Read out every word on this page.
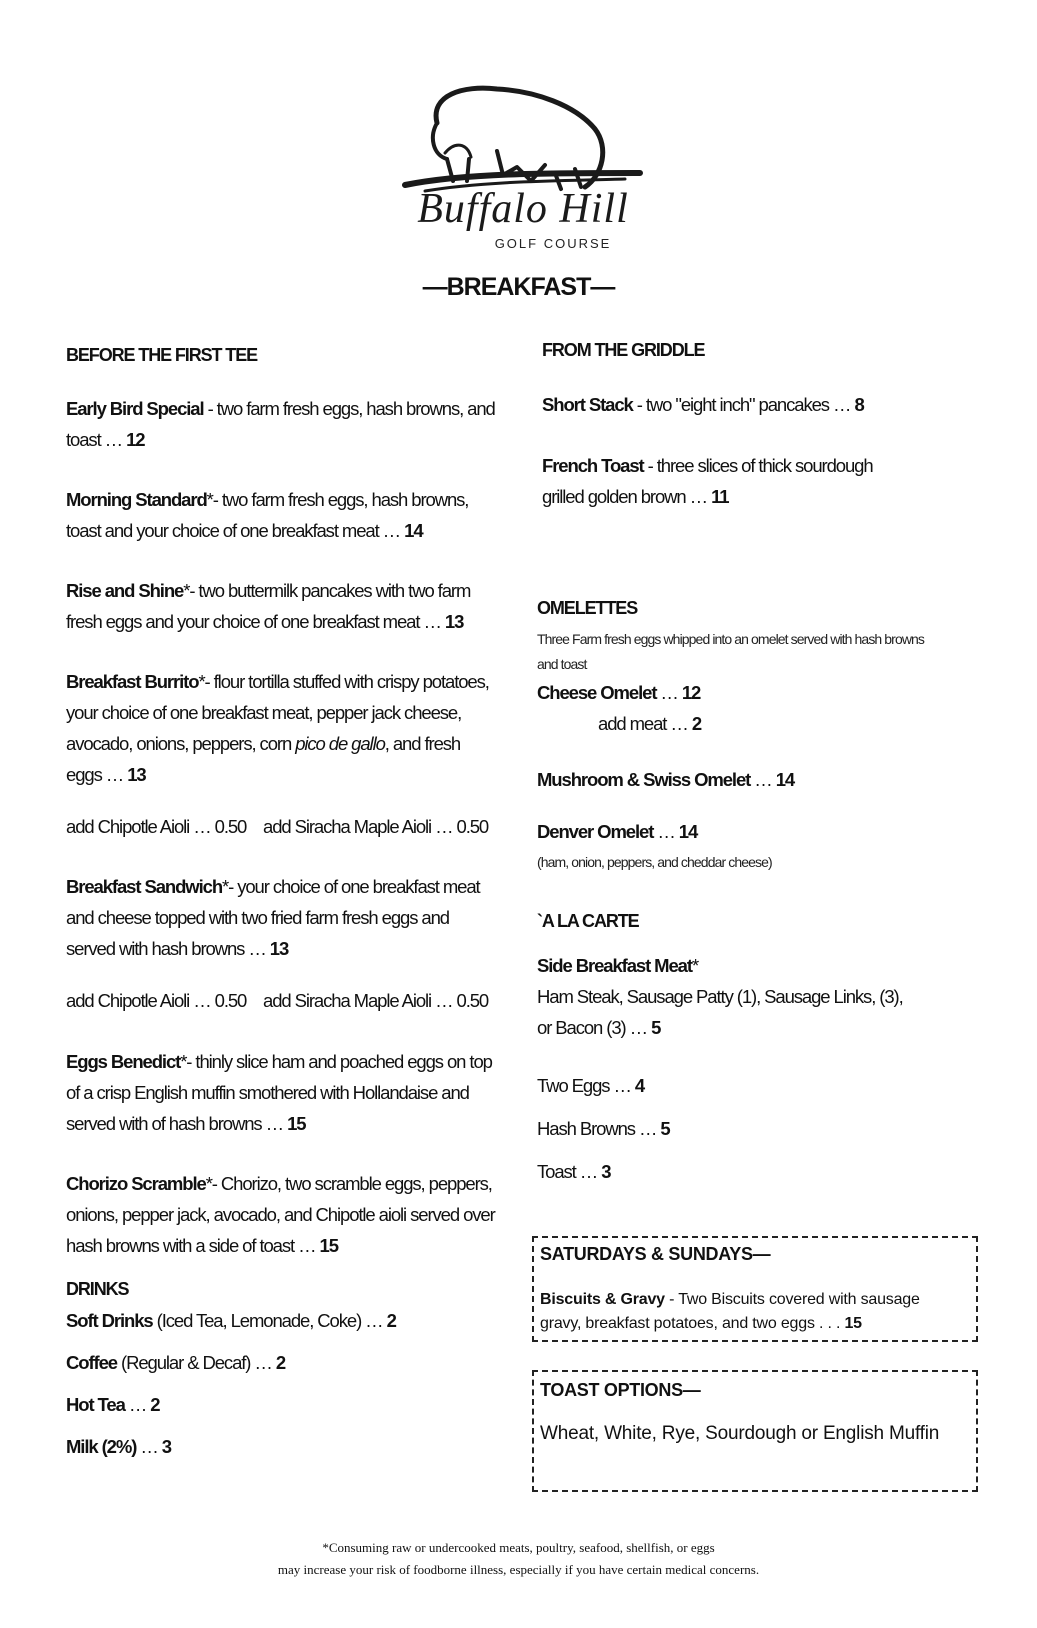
Buffalo Hill
GOLF COURSE
—BREAKFAST—
BEFORE THE FIRST TEE
Early Bird Special - two farm fresh eggs, hash browns, and
toast … 12
Morning Standard*- two farm fresh eggs, hash browns,
toast and your choice of one breakfast meat … 14
Rise and Shine*- two buttermilk pancakes with two farm
fresh eggs and your choice of one breakfast meat … 13
Breakfast Burrito*- flour tortilla stuffed with crispy potatoes,
your choice of one breakfast meat, pepper jack cheese,
avocado, onions, peppers, corn pico de gallo, and fresh
eggs … 13
add Chipotle Aioli … 0.50 add Siracha Maple Aioli … 0.50
Breakfast Sandwich*- your choice of one breakfast meat
and cheese topped with two fried farm fresh eggs and
served with hash browns … 13
add Chipotle Aioli … 0.50 add Siracha Maple Aioli … 0.50
Eggs Benedict*- thinly slice ham and poached eggs on top
of a crisp English muffin smothered with Hollandaise and
served with of hash browns … 15
Chorizo Scramble*- Chorizo, two scramble eggs, peppers,
onions, pepper jack, avocado, and Chipotle aioli served over
hash browns with a side of toast … 15
DRINKS
Soft Drinks (Iced Tea, Lemonade, Coke) … 2
Coffee (Regular & Decaf) … 2
Hot Tea … 2
Milk (2%) … 3
FROM THE GRIDDLE
Short Stack - two "eight inch" pancakes … 8
French Toast - three slices of thick sourdough
grilled golden brown … 11
OMELETTES
Three Farm fresh eggs whipped into an omelet served with hash browns
and toast
Cheese Omelet … 12
add meat … 2
Mushroom & Swiss Omelet … 14
Denver Omelet … 14
(ham, onion, peppers, and cheddar cheese)
`A LA CARTE
Side Breakfast Meat*
Ham Steak, Sausage Patty (1), Sausage Links, (3),
or Bacon (3) … 5
Two Eggs … 4
Hash Browns … 5
Toast … 3
SATURDAYS & SUNDAYS—
Biscuits & Gravy - Two Biscuits covered with sausage
gravy, breakfast potatoes, and two eggs . . . 15
TOAST OPTIONS—
Wheat, White, Rye, Sourdough or English Muffin
*Consuming raw or undercooked meats, poultry, seafood, shellfish, or eggs
may increase your risk of foodborne illness, especially if you have certain medical concerns.
